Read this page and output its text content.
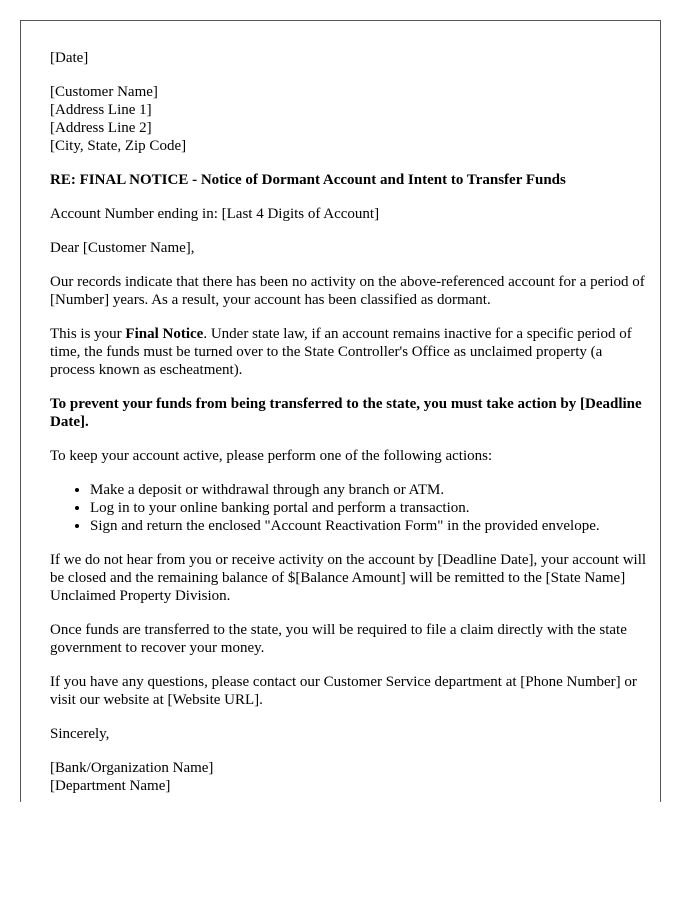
[Date]

[Customer Name]
[Address Line 1]
[Address Line 2]
[City, State, Zip Code]

RE: FINAL NOTICE - Notice of Dormant Account and Intent to Transfer Funds

Account Number ending in: [Last 4 Digits of Account]

Dear [Customer Name],

Our records indicate that there has been no activity on the above-referenced account for a period of [Number] years. As a result, your account has been classified as dormant.

This is your Final Notice. Under state law, if an account remains inactive for a specific period of time, the funds must be turned over to the State Controller's Office as unclaimed property (a process known as escheatment).

To prevent your funds from being transferred to the state, you must take action by [Deadline Date].

To keep your account active, please perform one of the following actions:

• Make a deposit or withdrawal through any branch or ATM.
• Log in to your online banking portal and perform a transaction.
• Sign and return the enclosed "Account Reactivation Form" in the provided envelope.

If we do not hear from you or receive activity on the account by [Deadline Date], your account will be closed and the remaining balance of $[Balance Amount] will be remitted to the [State Name] Unclaimed Property Division.

Once funds are transferred to the state, you will be required to file a claim directly with the state government to recover your money.

If you have any questions, please contact our Customer Service department at [Phone Number] or visit our website at [Website URL].

Sincerely,

[Bank/Organization Name]
[Department Name]
